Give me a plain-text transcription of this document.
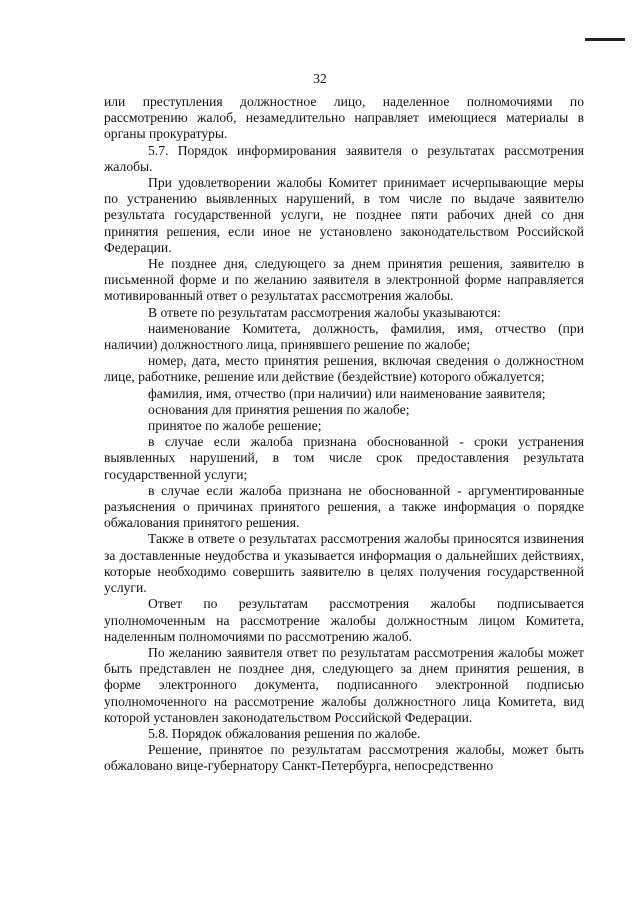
32

или преступления должностное лицо, наделенное полномочиями по рассмотрению жалоб, незамедлительно направляет имеющиеся материалы в органы прокуратуры.

5.7. Порядок информирования заявителя о результатах рассмотрения жалобы.

При удовлетворении жалобы Комитет принимает исчерпывающие меры по устранению выявленных нарушений, в том числе по выдаче заявителю результата государственной услуги, не позднее пяти рабочих дней со дня принятия решения, если иное не установлено законодательством Российской Федерации.

Не позднее дня, следующего за днем принятия решения, заявителю в письменной форме и по желанию заявителя в электронной форме направляется мотивированный ответ о результатах рассмотрения жалобы.

В ответе по результатам рассмотрения жалобы указываются:

наименование Комитета, должность, фамилия, имя, отчество (при наличии) должностного лица, принявшего решение по жалобе;

номер, дата, место принятия решения, включая сведения о должностном лице, работнике, решение или действие (бездействие) которого обжалуется;

фамилия, имя, отчество (при наличии) или наименование заявителя;

основания для принятия решения по жалобе;

принятое по жалобе решение;

в случае если жалоба признана обоснованной - сроки устранения выявленных нарушений, в том числе срок предоставления результата государственной услуги;

в случае если жалоба признана не обоснованной - аргументированные разъяснения о причинах принятого решения, а также информация о порядке обжалования принятого решения.

Также в ответе о результатах рассмотрения жалобы приносятся извинения за доставленные неудобства и указывается информация о дальнейших действиях, которые необходимо совершить заявителю в целях получения государственной услуги.

Ответ по результатам рассмотрения жалобы подписывается уполномоченным на рассмотрение жалобы должностным лицом Комитета, наделенным полномочиями по рассмотрению жалоб.

По желанию заявителя ответ по результатам рассмотрения жалобы может быть представлен не позднее дня, следующего за днем принятия решения, в форме электронного документа, подписанного электронной подписью уполномоченного на рассмотрение жалобы должностного лица Комитета, вид которой установлен законодательством Российской Федерации.

5.8. Порядок обжалования решения по жалобе.

Решение, принятое по результатам рассмотрения жалобы, может быть обжаловано вице-губернатору Санкт-Петербурга, непосредственно
